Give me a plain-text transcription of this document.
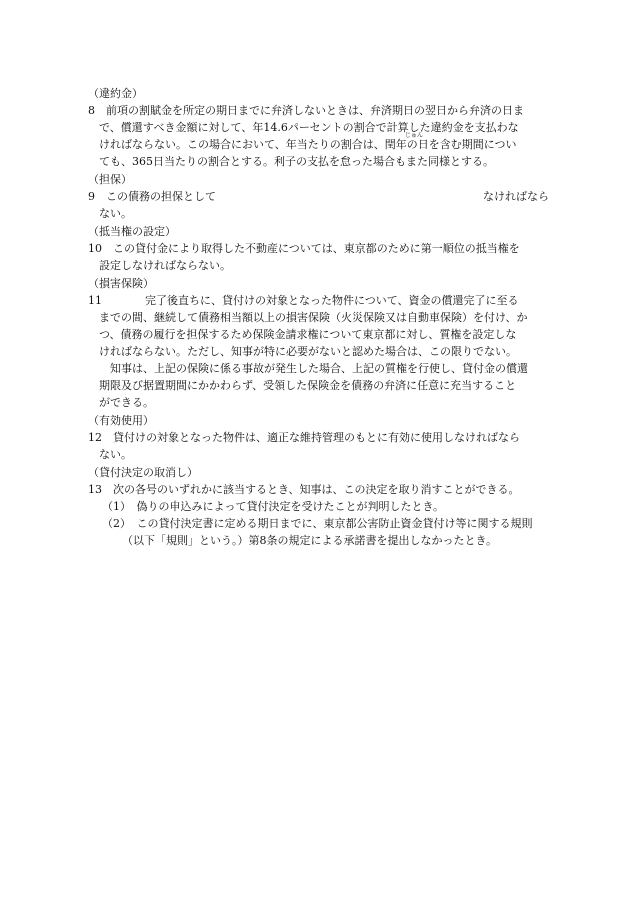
（違約金）
8　前項の割賦金を所定の期日までに弁済しないときは、弁済期日の翌日から弁済の日ま
で、償還すべき金額に対して、年14.6パーセントの割合で計算した違約金を支払わな
ければならない。この場合において、年当たりの割合は、閏年の日を含む期間につい
じゅん
ても、365日当たりの割合とする。利子の支払を怠った場合もまた同様とする。
（担保）
9　この債務の担保として	なければなら
ない。
（抵当権の設定）
10　この貸付金により取得した不動産については、東京都のために第一順位の抵当権を
設定しなければならない。
（損害保険）
11	完了後直ちに、貸付けの対象となった物件について、資金の償還完了に至る
までの間、継続して債務相当額以上の損害保険（火災保険又は自動車保険）を付け、か
つ、債務の履行を担保するため保険金請求権について東京都に対し、質権を設定しな
ければならない。ただし、知事が特に必要がないと認めた場合は、この限りでない。
知事は、上記の保険に係る事故が発生した場合、上記の質権を行使し、貸付金の償還
期限及び据置期間にかかわらず、受領した保険金を債務の弁済に任意に充当すること
ができる。
（有効使用）
12　貸付けの対象となった物件は、適正な維持管理のもとに有効に使用しなければなら
ない。
（貸付決定の取消し）
13　次の各号のいずれかに該当するとき、知事は、この決定を取り消すことができる。
（1）　偽りの申込みによって貸付決定を受けたことが判明したとき。
（2）　この貸付決定書に定める期日までに、東京都公害防止資金貸付け等に関する規則
（以下「規則」という。）第8条の規定による承諾書を提出しなかったとき。
